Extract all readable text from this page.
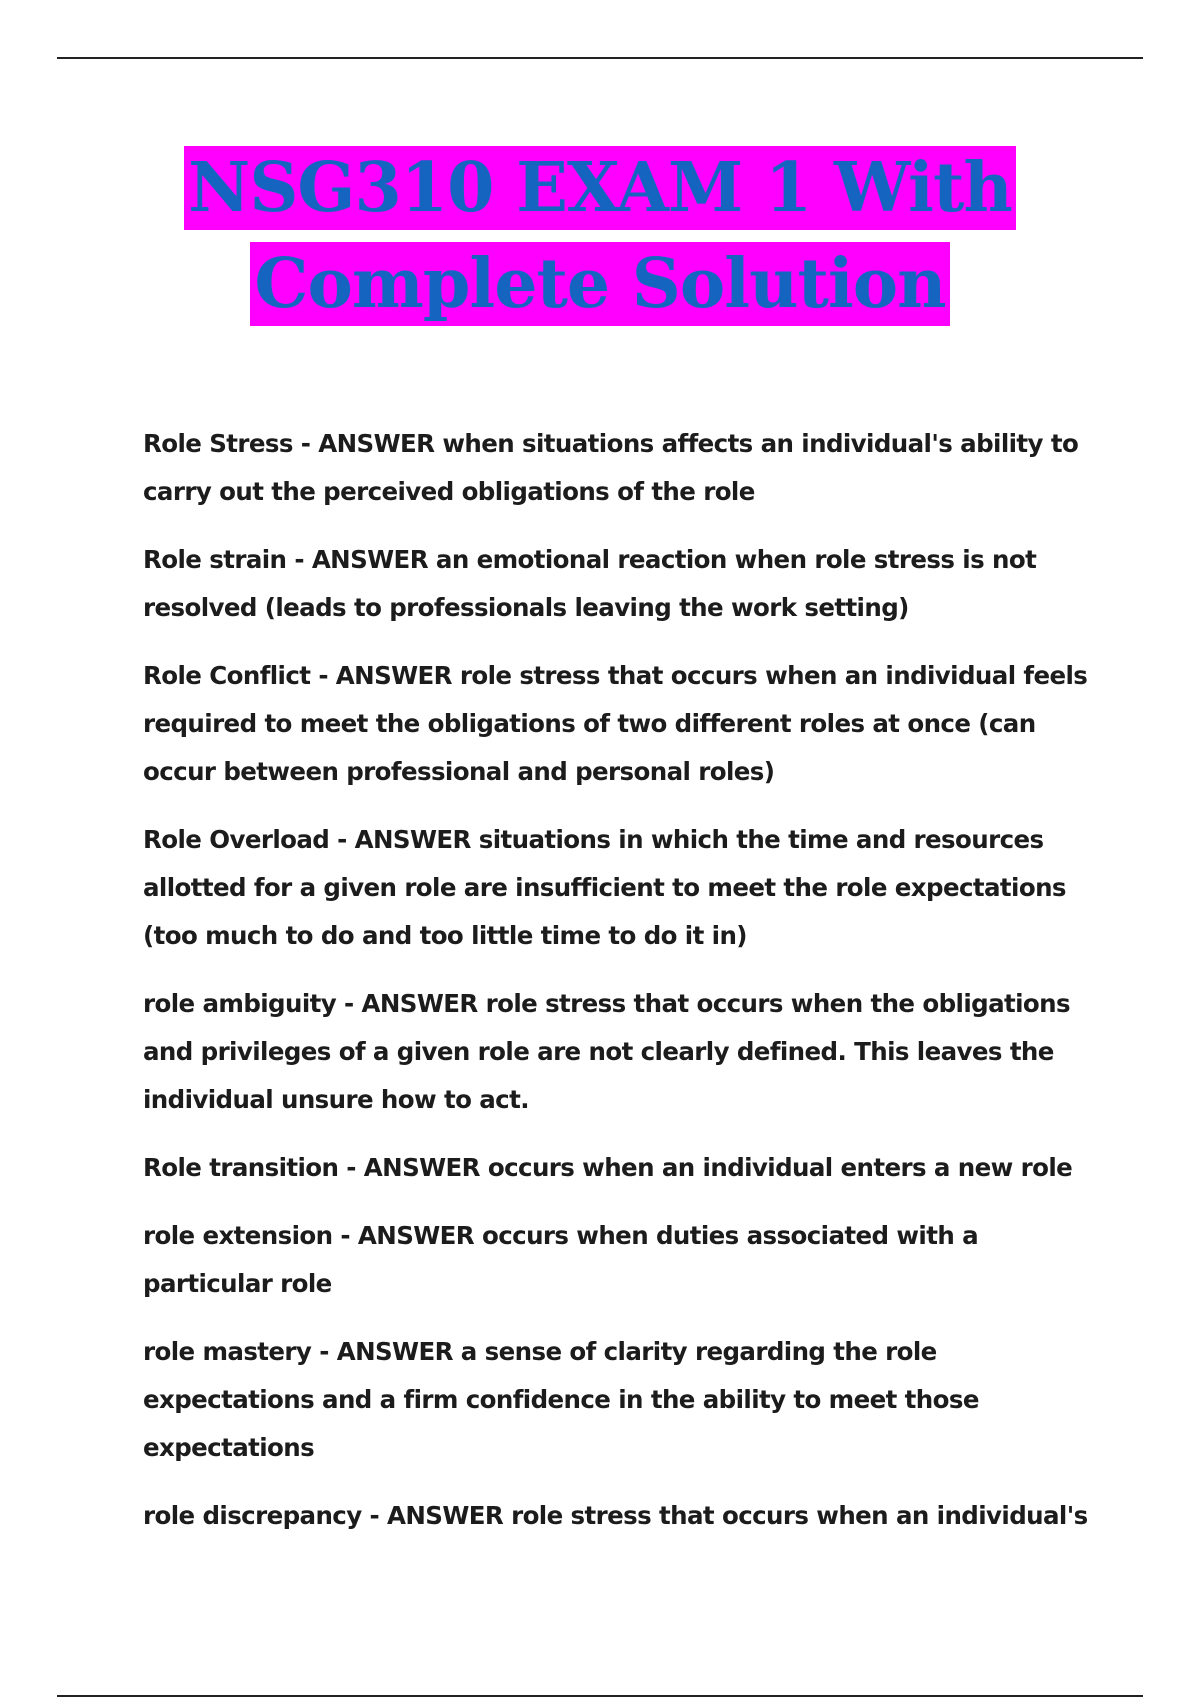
NSG310 EXAM 1 With
Complete Solution

Role Stress - ANSWER when situations affects an individual's ability to carry out the perceived obligations of the role

Role strain - ANSWER an emotional reaction when role stress is not resolved (leads to professionals leaving the work setting)

Role Conflict - ANSWER role stress that occurs when an individual feels required to meet the obligations of two different roles at once (can occur between professional and personal roles)

Role Overload - ANSWER situations in which the time and resources allotted for a given role are insufficient to meet the role expectations (too much to do and too little time to do it in)

role ambiguity - ANSWER role stress that occurs when the obligations and privileges of a given role are not clearly defined. This leaves the individual unsure how to act.

Role transition - ANSWER occurs when an individual enters a new role

role extension - ANSWER occurs when duties associated with a particular role

role mastery - ANSWER a sense of clarity regarding the role expectations and a firm confidence in the ability to meet those expectations

role discrepancy - ANSWER role stress that occurs when an individual's
